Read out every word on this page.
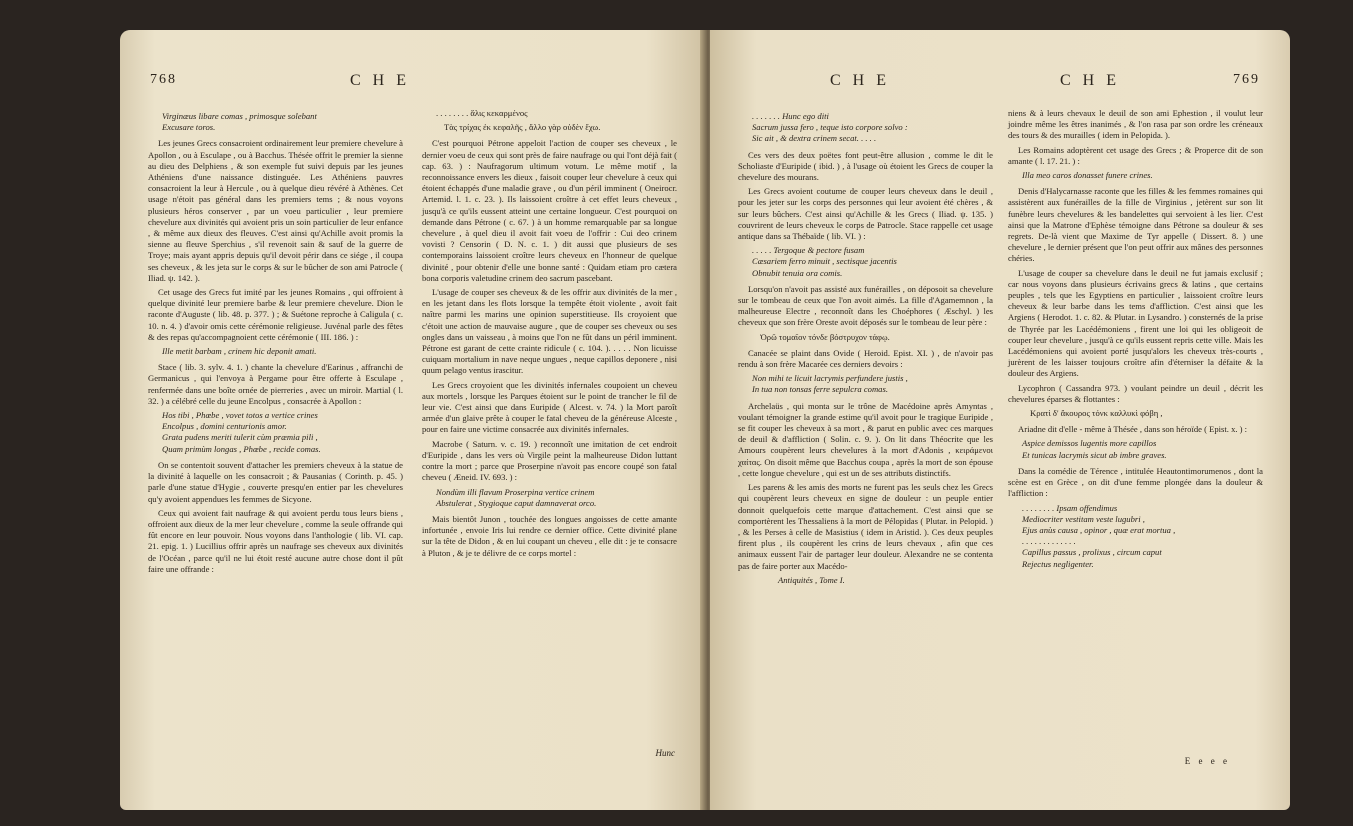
768	C H E
Virginæus libare comas , primosque solebant
Excusare toros.

Les jeunes Grecs consacroient ordinairement leur premiere chevelure à Apollon , ou à Esculape , ou à Bacchus. Thésée offrit le premier la sienne au dieu des Delphiens , & son exemple fut suivi depuis par les jeunes Athéniens d'une naissance distinguée. Les Athéniens pauvres consacroient la leur à Hercule , ou à quelque dieu révéré à Athènes. Cet usage n'étoit pas général dans les premiers tems ; & nous voyons plusieurs héros conserver , par un voeu particulier , leur premiere chevelure aux divinités qui avoient pris un soin particulier de leur enfance , & même aux dieux des fleuves. C'est ainsi qu'Achille avoit promis la sienne au fleuve Sperchius , s'il revenoit sain & sauf de la guerre de Troye; mais ayant appris depuis qu'il devoit périr dans ce siége , il coupa ses cheveux , & les jeta sur le corps & sur le bûcher de son ami Patrocle ( Iliad. ψ. 142. ).

Cet usage des Grecs fut imité par les jeunes Romains , qui offroient à quelque divinité leur premiere barbe & leur premiere chevelure. Dion le raconte d'Auguste ( lib. 48. p. 377. ) ; & Suétone reproche à Caligula ( c. 10. n. 4. ) d'avoir omis cette cérémonie religieuse. Juvénal parle des fêtes & des repas qu'accompagnoient cette cérémonie ( III. 186. ) :

Ille metit barbam , crinem hic deponit amati.

Stace ( lib. 3. sylv. 4. 1. ) chante la chevelure d'Earinus , affranchi de Germanicus , qui l'envoya à Pergame pour être offerte à Esculape , renfermée dans une boîte ornée de pierreries , avec un miroir. Martial ( l. 32. ) a célébré celle du jeune Encolpus , consacrée à Apollon :

Hos tibi , Phœbe , vovet totos a vertice crines
Encolpus , domini centurionis amor.
Grata pudens meriti tulerit cùm præmia pili ,
Quam primùm longas , Phœbe , recide comas.

On se contentoit souvent d'attacher les premiers cheveux à la statue de la divinité à laquelle on les consacroit ; & Pausanias ( Corinth. p. 45. ) parle d'une statue d'Hygie , couverte presqu'en entier par les chevelures qu'y avoient appendues les femmes de Sicyone.

Ceux qui avoient fait naufrage & qui avoient perdu tous leurs biens , offroient aux dieux de la mer leur chevelure , comme la seule offrande qui fût encore en leur pouvoir. Nous voyons dans l'anthologie ( lib. VI. cap. 21. epig. 1. ) Lucillius offrir après un naufrage ses cheveux aux divinités de l'Océan , parce qu'il ne lui étoit resté aucune autre chose dont il pût faire une offrande :

. . . . . . . . ἅλις κεκαρμένος
Τὰς τρίχας ἐκ κεφαλῆς , ἄλλο γὰρ οὐδὲν ἔχω.

C'est pourquoi Pétrone appeloit l'action de couper ses cheveux , le dernier voeu de ceux qui sont près de faire naufrage ou qui l'ont déjà fait ( cap. 63. ) : Naufragorum ultimum votum. Le même motif , la reconnoissance envers les dieux , faisoit couper leur chevelure à ceux qui étoient échappés d'une maladie grave , ou d'un péril imminent ( Oneirocr. Artemid. l. 1. c. 23. ). Ils laissoient croître à cet effet leurs cheveux , jusqu'à ce qu'ils eussent atteint une certaine longueur. C'est pourquoi on demande dans Pétrone ( c. 67. ) à un homme remarquable par sa longue chevelure , à quel dieu il avoit fait voeu de l'offrir : Cui deo crinem vovisti ? Censorin ( D. N. c. 1. ) dit aussi que plusieurs de ses contemporains laissoient croître leurs cheveux en l'honneur de quelque divinité , pour obtenir d'elle une bonne santé : Quidam etiam pro cætera bona corporis valetudine crinem deo sacrum pascebant.

L'usage de couper ses cheveux & de les offrir aux divinités de la mer , en les jetant dans les flots lorsque la tempête étoit violente , avoit fait naître parmi les marins une opinion superstitieuse. Ils croyoient que c'étoit une action de mauvaise augure , que de couper ses cheveux ou ses ongles dans un vaisseau , à moins que l'on ne fût dans un péril imminent. Pétrone est garant de cette crainte ridicule ( c. 104. ). . . . . Non licuisse cuiquam mortalium in nave neque ungues , neque capillos deponere , nisi quum pelago ventus irascitur.

Les Grecs croyoient que les divinités infernales coupoient un cheveu aux mortels , lorsque les Parques étoient sur le point de trancher le fil de leur vie. C'est ainsi que dans Euripide ( Alcest. v. 74. ) la Mort paroît armée d'un glaive prête à couper le fatal cheveu de la généreuse Alceste , pour en faire une victime consacrée aux divinités infernales.

Macrobe ( Saturn. v. c. 19. ) reconnoît une imitation de cet endroit d'Euripide , dans les vers où Virgile peint la malheureuse Didon luttant contre la mort ; parce que Proserpine n'avoit pas encore coupé son fatal cheveu ( Æneid. IV. 693. ) :

Nondùm illi flavum Proserpina vertice crinem
Abstulerat , Stygioque caput damnaverat orco.

Mais bientôt Junon , touchée des longues angoisses de cette amante infortunée , envoie Iris lui rendre ce dernier office. Cette divinité plane sur la tête de Didon , & en lui coupant un cheveu , elle dit : je te consacre à Pluton , & je te délivre de ce corps mortel :

Hunc
C H E	C H E	769
. . . . . . . Hunc ego diti
Sacrum jussa fero , teque isto corpore solvo :
Sic ait , & dextra crinem secat. . . . .

Ces vers des deux poëtes font peut-être allusion , comme le dit le Scholiaste d'Euripide ( ibid. ) , à l'usage où étoient les Grecs de couper la chevelure des mourans.

Les Grecs avoient coutume de couper leurs cheveux dans le deuil , pour les jeter sur les corps des personnes qui leur avoient été chères , & sur leurs bûchers. C'est ainsi qu'Achille & les Grecs ( Iliad. ψ. 135. ) couvrirent de leurs cheveux le corps de Patrocle. Stace rappelle cet usage antique dans sa Thébaïde ( lib. VI. ) :

. . . . . Tergoque & pectore fusam
Cæsariem ferro minuit , sectisque jacentis
Obnubit tenuia ora comis.

Lorsqu'on n'avoit pas assisté aux funérailles , on déposoit sa chevelure sur le tombeau de ceux que l'on avoit aimés. La fille d'Agamemnon , la malheureuse Electre , reconnoît dans les Choéphores ( Æschyl. ) les cheveux que son frère Oreste avoit déposés sur le tombeau de leur père :

Ὁρῶ τομαῖον τόνδε βόστρυχον τάφῳ.

Canacée se plaint dans Ovide ( Heroid. Epist. XI. ) , de n'avoir pas rendu à son frère Macarée ces derniers devoirs :

Non mihi te licuit lacrymis perfundere justis ,
In tua non tonsas ferre sepulcra comas.

Archelaüs , qui monta sur le trône de Macédoine après Amyntas , voulant témoigner la grande estime qu'il avoit pour le tragique Euripide , se fit couper les cheveux à sa mort , & parut en public avec ces marques de deuil & d'affliction ( Solin. c. 9. ). On lit dans Théocrite que les Amours coupèrent leurs chevelures à la mort d'Adonis , κειράμενοι χαίτας. On disoit même que Bacchus coupa , après la mort de son épouse , cette longue chevelure , qui est un de ses attributs distinctifs.

Les parens & les amis des morts ne furent pas les seuls chez les Grecs qui coupèrent leurs cheveux en signe de douleur : un peuple entier donnoit quelquefois cette marque d'attachement. C'est ainsi que se comportèrent les Thessaliens à la mort de Pélopidas ( Plutar. in Pelopid. ) , & les Perses à celle de Masistius ( idem in Aristid. ). Ces deux peuples firent plus , ils coupèrent les crins de leurs chevaux , afin que ces animaux eussent l'air de partager leur douleur. Alexandre ne se contenta pas de faire porter aux Macédo-

Antiquités , Tome I.

niens & à leurs chevaux le deuil de son ami Ephestion , il voulut leur joindre même les êtres inanimés , & l'on rasa par son ordre les créneaux des tours & des murailles ( idem in Pelopida. ).

Les Romains adoptèrent cet usage des Grecs ; & Properce dit de son amante ( l. 17. 21. ) :

Illa meo caros donasset funere crines.

Denis d'Halycarnasse raconte que les filles & les femmes romaines qui assistèrent aux funérailles de la fille de Virginius , jetèrent sur son lit funèbre leurs chevelures & les bandelettes qui servoient à les lier. C'est ainsi que la Matrone d'Ephèse témoigne dans Pétrone sa douleur & ses regrets. De-là vient que Maxime de Tyr appelle ( Dissert. 8. ) une chevelure , le dernier présent que l'on peut offrir aux mânes des personnes chéries.

L'usage de couper sa chevelure dans le deuil ne fut jamais exclusif ; car nous voyons dans plusieurs écrivains grecs & latins , que certains peuples , tels que les Egyptiens en particulier , laissoient croître leurs cheveux & leur barbe dans les tems d'affliction. C'est ainsi que les Argiens ( Herodot. 1. c. 82. & Plutar. in Lysandro. ) consternés de la prise de Thyrée par les Lacédémoniens , firent une loi qui les obligeoit de couper leur chevelure , jusqu'à ce qu'ils eussent repris cette ville. Mais les Lacédémoniens qui avoient porté jusqu'alors les cheveux très-courts , jurèrent de les laisser toujours croître afin d'éterniser la défaite & la douleur des Argiens.

Lycophron ( Cassandra 973. ) voulant peindre un deuil , décrit les chevelures éparses & flottantes :

Κρατὶ δ' ἄκουρος τόνκ καλλυκὶ φόβη ,

Ariadne dit d'elle - même à Thésée , dans son héroïde ( Epist. x. ) :

Aspice demissos lugentis more capillos
Et tunicas lacrymis sicut ab imbre graves.

Dans la comédie de Térence , intitulée Heautontimorumenos , dont la scène est en Grèce , on dit d'une femme plongée dans la douleur & l'affliction :

. . . . . . . . Ipsam offendimus
Mediocriter vestitam veste lugubri ,
Ejus anùs causa , opinor , quæ erat mortua ,
. . . . . . . . . . . . .
Capillus passus , prolixus , circum caput
Rejectus negligenter.
E e e e
